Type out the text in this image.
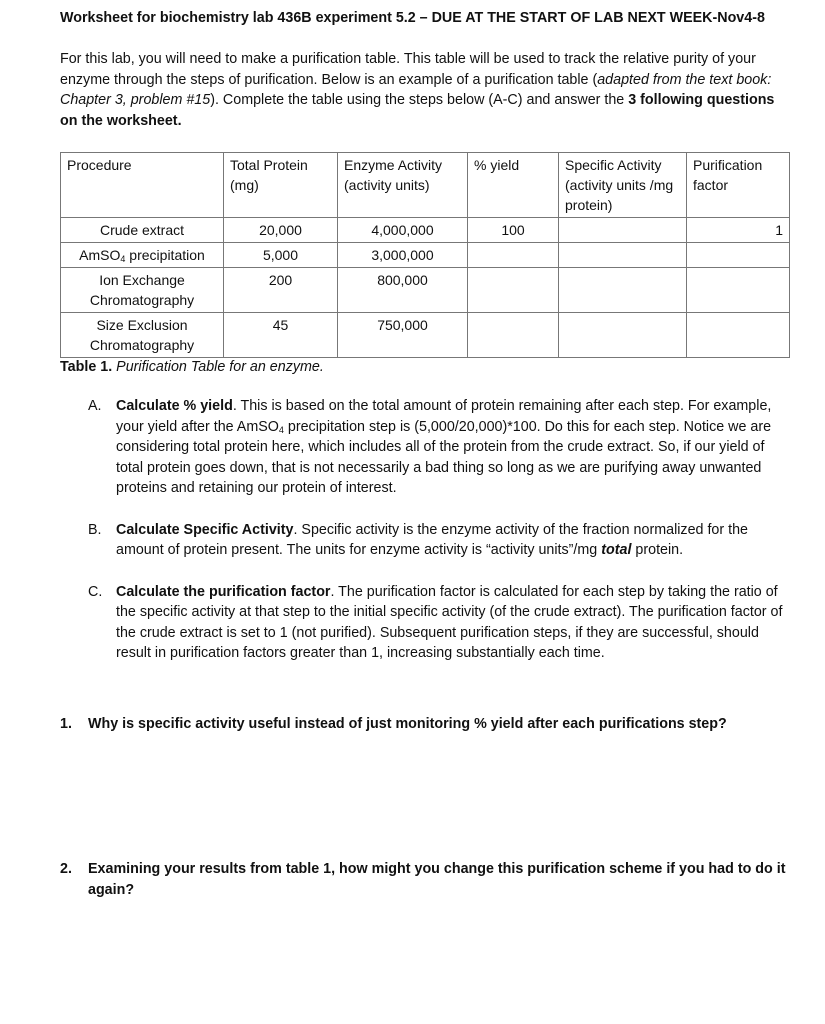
Worksheet for biochemistry lab 436B experiment 5.2 – DUE AT THE START OF LAB NEXT WEEK-Nov4-8
For this lab, you will need to make a purification table. This table will be used to track the relative purity of your enzyme through the steps of purification. Below is an example of a purification table (adapted from the text book: Chapter 3, problem #15). Complete the table using the steps below (A-C) and answer the 3 following questions on the worksheet.
Procedure	Total Protein (mg)	Enzyme Activity (activity units)	% yield	Specific Activity (activity units /mg protein)	Purification factor
Crude extract	20,000	4,000,000	100		1
AmSO$_4$ precipitation	5,000	3,000,000			
Ion Exchange Chromatography	200	800,000			
Size Exclusion Chromatography	45	750,000			
Table 1. Purification Table for an enzyme.
A. Calculate % yield. This is based on the total amount of protein remaining after each step. For example, your yield after the AmSO$_4$ precipitation step is (5,000/20,000)*100. Do this for each step. Notice we are considering total protein here, which includes all of the protein from the crude extract. So, if our yield of total protein goes down, that is not necessarily a bad thing so long as we are purifying away unwanted proteins and retaining our protein of interest.
B. Calculate Specific Activity. Specific activity is the enzyme activity of the fraction normalized for the amount of protein present. The units for enzyme activity is “activity units”/mg total protein.
C. Calculate the purification factor. The purification factor is calculated for each step by taking the ratio of the specific activity at that step to the initial specific activity (of the crude extract). The purification factor of the crude extract is set to 1 (not purified). Subsequent purification steps, if they are successful, should result in purification factors greater than 1, increasing substantially each time.
1. Why is specific activity useful instead of just monitoring % yield after each purifications step?
2. Examining your results from table 1, how might you change this purification scheme if you had to do it again?
